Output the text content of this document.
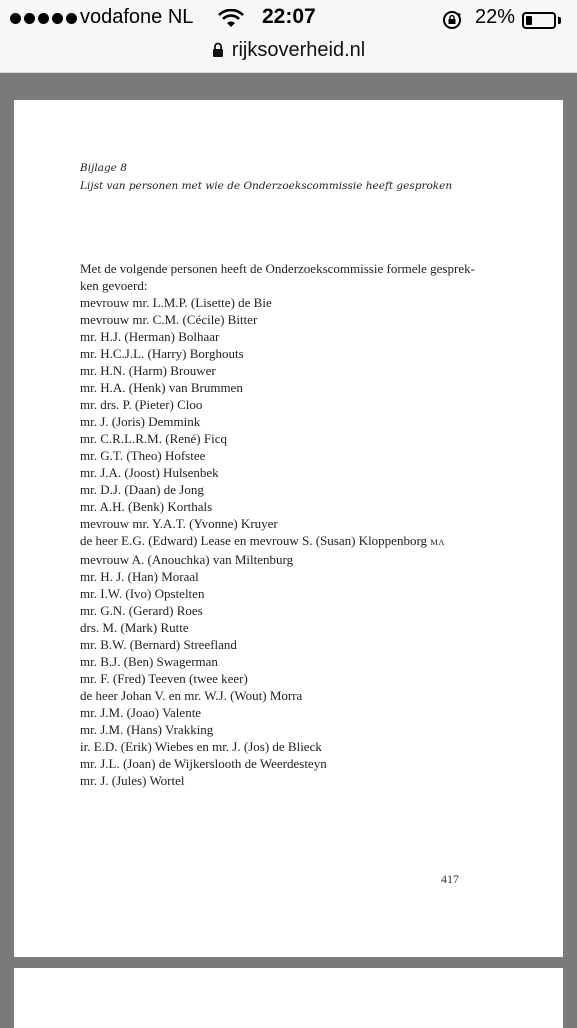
vodafone NL	22:07	22%
rijksoverheid.nl
Bijlage 8
Lijst van personen met wie de Onderzoekscommissie heeft gesproken
Met de volgende personen heeft de Onderzoekscommissie formele gesprek-
ken gevoerd:
mevrouw mr. L.M.P. (Lisette) de Bie
mevrouw mr. C.M. (Cécile) Bitter
mr. H.J. (Herman) Bolhaar
mr. H.C.J.L. (Harry) Borghouts
mr. H.N. (Harm) Brouwer
mr. H.A. (Henk) van Brummen
mr. drs. P. (Pieter) Cloo
mr. J. (Joris) Demmink
mr. C.R.L.R.M. (René) Ficq
mr. G.T. (Theo) Hofstee
mr. J.A. (Joost) Hulsenbek
mr. D.J. (Daan) de Jong
mr. A.H. (Benk) Korthals
mevrouw mr. Y.A.T. (Yvonne) Kruyer
de heer E.G. (Edward) Lease en mevrouw S. (Susan) Kloppenborg MA
mevrouw A. (Anouchka) van Miltenburg
mr. H. J. (Han) Moraal
mr. I.W. (Ivo) Opstelten
mr. G.N. (Gerard) Roes
drs. M. (Mark) Rutte
mr. B.W. (Bernard) Streefland
mr. B.J. (Ben) Swagerman
mr. F. (Fred) Teeven (twee keer)
de heer Johan V. en mr. W.J. (Wout) Morra
mr. J.M. (Joao) Valente
mr. J.M. (Hans) Vrakking
ir. E.D. (Erik) Wiebes en mr. J. (Jos) de Blieck
mr. J.L. (Joan) de Wijkerslooth de Weerdesteyn
mr. J. (Jules) Wortel
417
